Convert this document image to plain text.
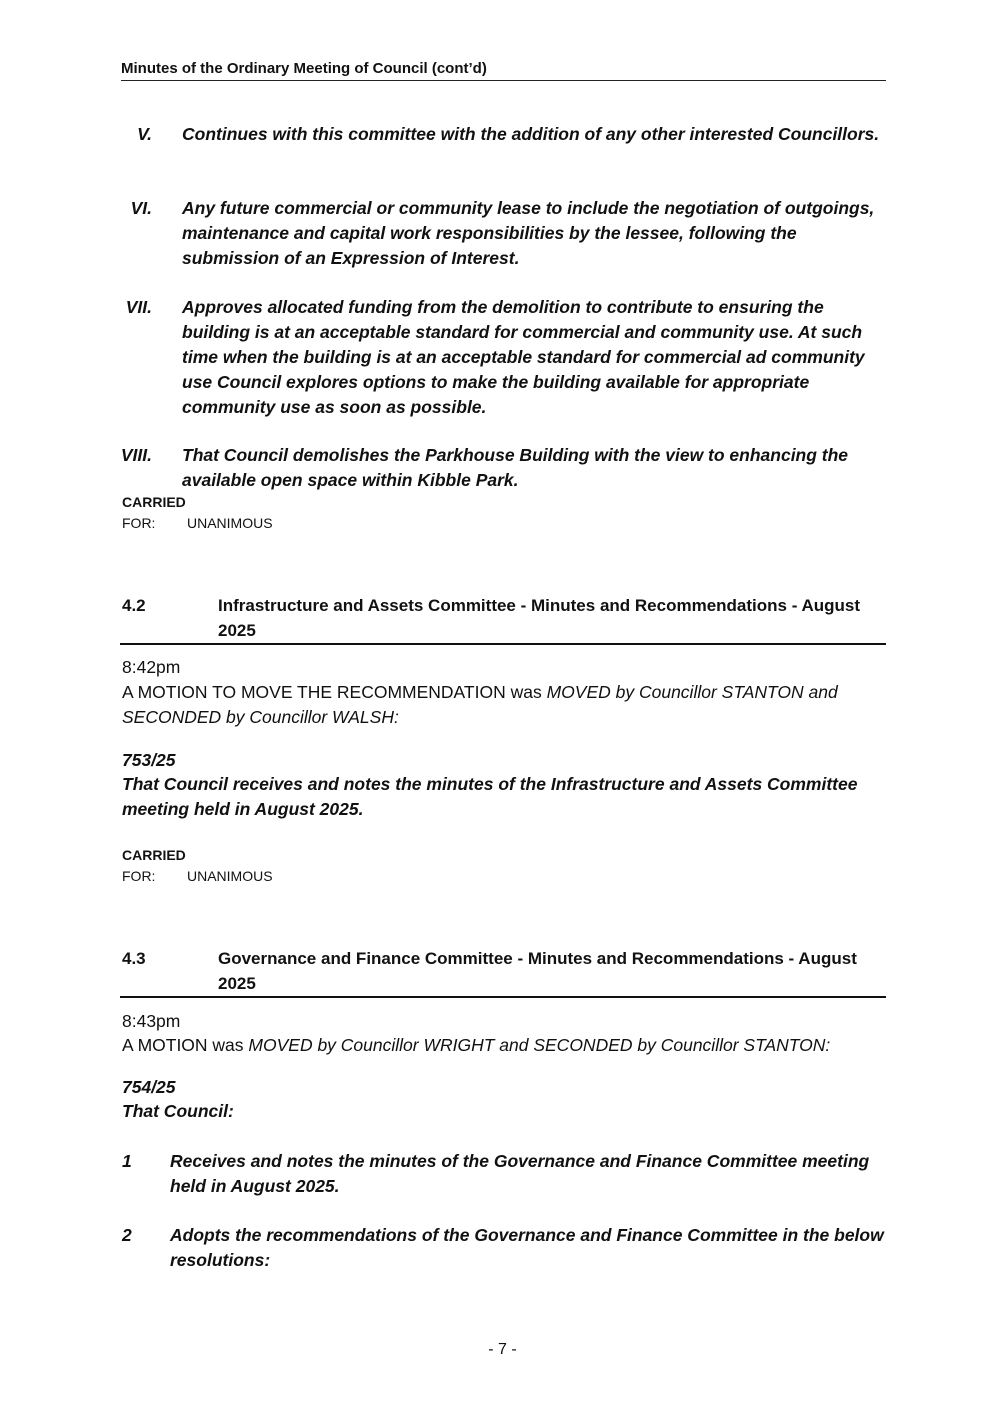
Minutes of the Ordinary Meeting of Council (cont’d)
V. Continues with this committee with the addition of any other interested Councillors.
VI. Any future commercial or community lease to include the negotiation of outgoings, maintenance and capital work responsibilities by the lessee, following the submission of an Expression of Interest.
VII. Approves allocated funding from the demolition to contribute to ensuring the building is at an acceptable standard for commercial and community use. At such time when the building is at an acceptable standard for commercial ad community use Council explores options to make the building available for appropriate community use as soon as possible.
VIII. That Council demolishes the Parkhouse Building with the view to enhancing the available open space within Kibble Park.
CARRIED
FOR: UNANIMOUS
4.2	Infrastructure and Assets Committee - Minutes and Recommendations - August 2025
8:42pm
A MOTION TO MOVE THE RECOMMENDATION was MOVED by Councillor STANTON and SECONDED by Councillor WALSH:
753/25
That Council receives and notes the minutes of the Infrastructure and Assets Committee meeting held in August 2025.
CARRIED
FOR: UNANIMOUS
4.3	Governance and Finance Committee - Minutes and Recommendations - August 2025
8:43pm
A MOTION was MOVED by Councillor WRIGHT and SECONDED by Councillor STANTON:
754/25
That Council:
1 Receives and notes the minutes of the Governance and Finance Committee meeting held in August 2025.
2 Adopts the recommendations of the Governance and Finance Committee in the below resolutions:
- 7 -
